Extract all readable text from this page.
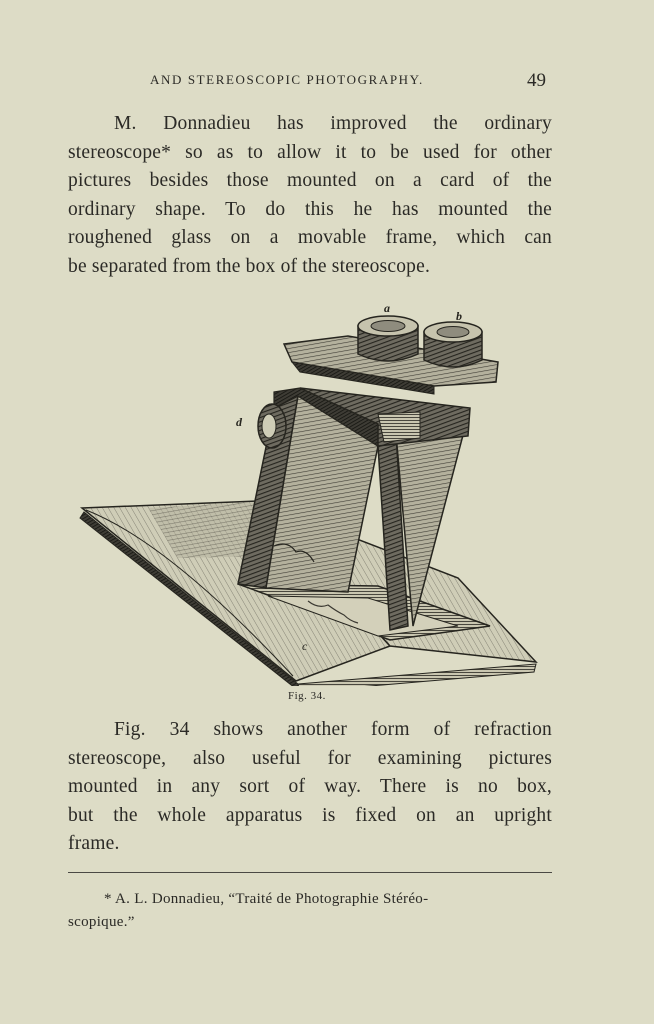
AND STEREOSCOPIC PHOTOGRAPHY.	49
M. Donnadieu has improved the ordinary
stereoscope* so as to allow it to be used for other
pictures besides those mounted on a card of the
ordinary shape. To do this he has mounted the
roughened glass on a movable frame, which can
be separated from the box of the stereoscope.
a
b
c
d
Fig. 34.
Fig. 34 shows another form of refraction
stereoscope, also useful for examining pictures
mounted in any sort of way. There is no box,
but the whole apparatus is fixed on an upright
frame.
* A. L. Donnadieu, “Traité de Photographie Stéréo-
scopique.”
